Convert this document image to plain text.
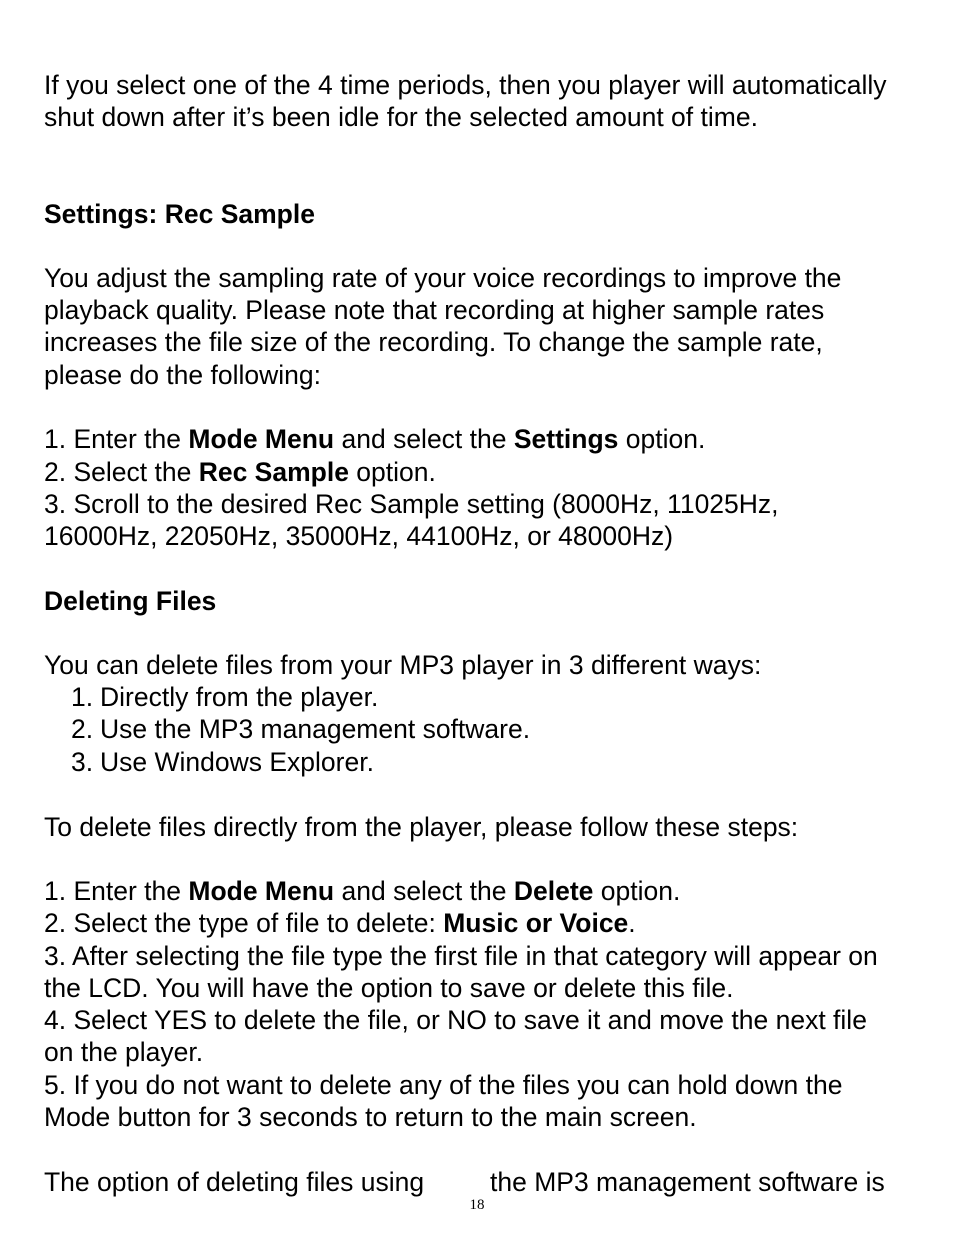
If you select one of the 4 time periods, then you player will automatically
shut down after it’s been idle for the selected amount of time.
Settings: Rec Sample
You adjust the sampling rate of your voice recordings to improve the
playback quality. Please note that recording at higher sample rates
increases the file size of the recording. To change the sample rate,
please do the following:
1. Enter the Mode Menu and select the Settings option.
2. Select the Rec Sample option.
3. Scroll to the desired Rec Sample setting (8000Hz, 11025Hz,
16000Hz, 22050Hz, 35000Hz, 44100Hz, or 48000Hz)
Deleting Files
You can delete files from your MP3 player in 3 different ways:
1. Directly from the player.
2. Use the MP3 management software.
3. Use Windows Explorer.
To delete files directly from the player, please follow these steps:
1. Enter the Mode Menu and select the Delete option.
2. Select the type of file to delete: Music or Voice.
3. After selecting the file type the first file in that category will appear on
the LCD. You will have the option to save or delete this file.
4. Select YES to delete the file, or NO to save it and move the next file
on the player.
5. If you do not want to delete any of the files you can hold down the
Mode button for 3 seconds to return to the main screen.
The option of deleting files using the MP3 management software is
18
